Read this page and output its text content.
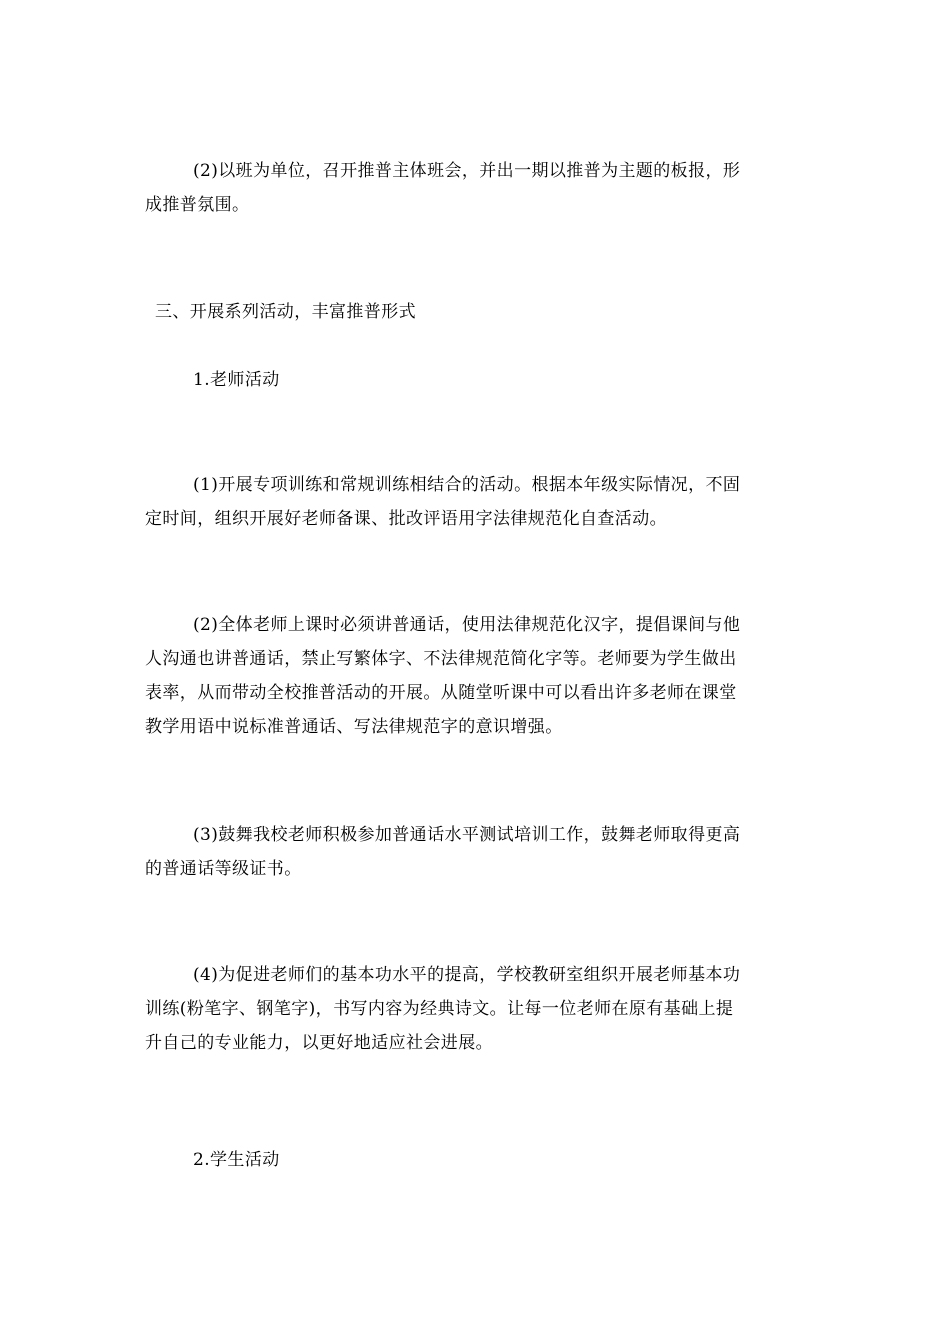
(2)以班为单位，召开推普主体班会，并出一期以推普为主题的板报，形
成推普氛围。

三、开展系列活动，丰富推普形式

1.老师活动

(1)开展专项训练和常规训练相结合的活动。根据本年级实际情况，不固
定时间，组织开展好老师备课、批改评语用字法律规范化自查活动。

(2)全体老师上课时必须讲普通话，使用法律规范化汉字，提倡课间与他
人沟通也讲普通话，禁止写繁体字、不法律规范简化字等。老师要为学生做出
表率，从而带动全校推普活动的开展。从随堂听课中可以看出许多老师在课堂
教学用语中说标准普通话、写法律规范字的意识增强。

(3)鼓舞我校老师积极参加普通话水平测试培训工作，鼓舞老师取得更高
的普通话等级证书。

(4)为促进老师们的基本功水平的提高，学校教研室组织开展老师基本功
训练(粉笔字、钢笔字)，书写内容为经典诗文。让每一位老师在原有基础上提
升自己的专业能力，以更好地适应社会进展。

2.学生活动
